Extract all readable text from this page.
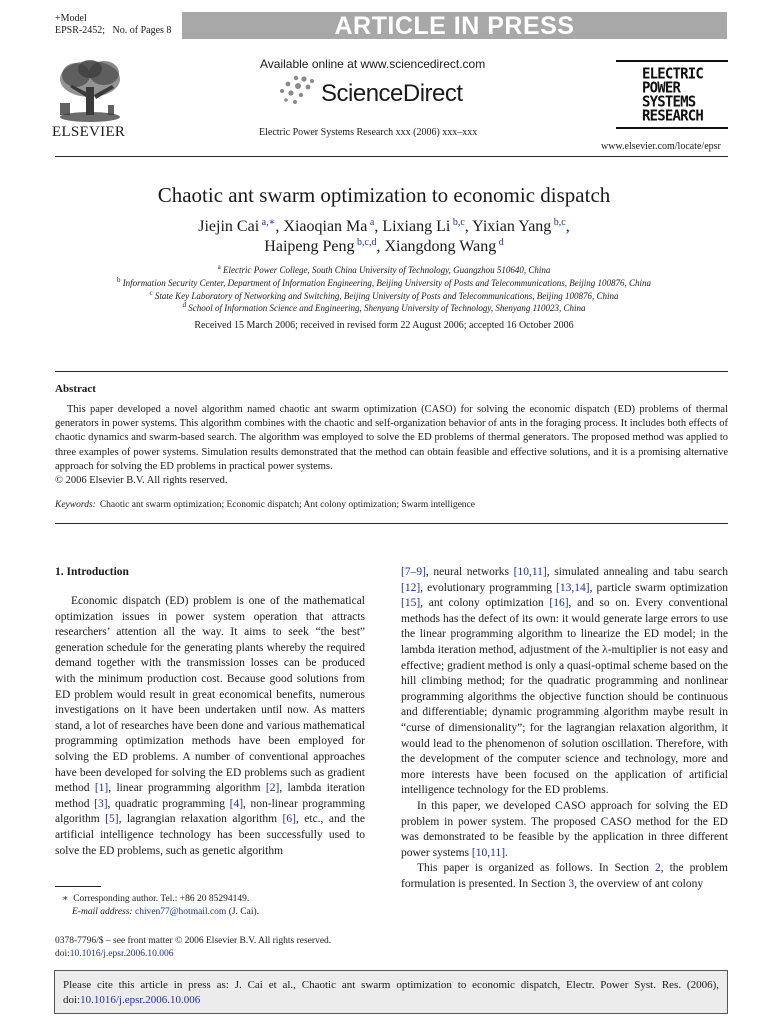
+Model
EPSR-2452; No. of Pages 8	ARTICLE IN PRESS
ELSEVIER
Available online at www.sciencedirect.com
ScienceDirect
Electric Power Systems Research xxx (2006) xxx–xxx
ELECTRIC
POWER
SYSTEMS
RESEARCH
www.elsevier.com/locate/epsr
Chaotic ant swarm optimization to economic dispatch
Jiejin Cai $^{a,∗}$, Xiaoqian Ma $^a$, Lixiang Li $^{b,c}$, Yixian Yang $^{b,c}$,
Haipeng Peng $^{b,c,d}$, Xiangdong Wang $^d$
$^a$ Electric Power College, South China University of Technology, Guangzhou 510640, China
$^b$ Information Security Center, Department of Information Engineering, Beijing University of Posts and Telecommunications, Beijing 100876, China
$^c$ State Key Laboratory of Networking and Switching, Beijing University of Posts and Telecommunications, Beijing 100876, China
$^d$ School of Information Science and Engineering, Shenyang University of Technology, Shenyang 110023, China
Received 15 March 2006; received in revised form 22 August 2006; accepted 16 October 2006
Abstract
This paper developed a novel algorithm named chaotic ant swarm optimization (CASO) for solving the economic dispatch (ED) problems of thermal generators in power systems. This algorithm combines with the chaotic and self-organization behavior of ants in the foraging process. It includes both effects of chaotic dynamics and swarm-based search. The algorithm was employed to solve the ED problems of thermal generators. The proposed method was applied to three examples of power systems. Simulation results demonstrated that the method can obtain feasible and effective solutions, and it is a promising alternative approach for solving the ED problems in practical power systems.
© 2006 Elsevier B.V. All rights reserved.
Keywords: Chaotic ant swarm optimization; Economic dispatch; Ant colony optimization; Swarm intelligence
1. Introduction
Economic dispatch (ED) problem is one of the mathematical optimization issues in power system operation that attracts researchers’ attention all the way. It aims to seek “the best” generation schedule for the generating plants whereby the required demand together with the transmission losses can be produced with the minimum production cost. Because good solutions from ED problem would result in great economical benefits, numerous investigations on it have been undertaken until now. As matters stand, a lot of researches have been done and various mathematical programming optimization methods have been employed for solving the ED problems. A number of conventional approaches have been developed for solving the ED problems such as gradient method [1], linear programming algorithm [2], lambda iteration method [3], quadratic programming [4], non-linear programming algorithm [5], lagrangian relaxation algorithm [6], etc., and the artificial intelligence technology has been successfully used to solve the ED problems, such as genetic algorithm

[7–9], neural networks [10,11], simulated annealing and tabu search [12], evolutionary programming [13,14], particle swarm optimization [15], ant colony optimization [16], and so on. Every conventional methods has the defect of its own: it would generate large errors to use the linear programming algorithm to linearize the ED model; in the lambda iteration method, adjustment of the λ-multiplier is not easy and effective; gradient method is only a quasi-optimal scheme based on the hill climbing method; for the quadratic programming and nonlinear programming algorithms the objective function should be continuous and differentiable; dynamic programming algorithm maybe result in “curse of dimensionality”; for the lagrangian relaxation algorithm, it would lead to the phenomenon of solution oscillation. Therefore, with the development of the computer science and technology, more and more interests have been focused on the application of artificial intelligence technology for the ED problems.

In this paper, we developed CASO approach for solving the ED problem in power system. The proposed CASO method for the ED was demonstrated to be feasible by the application in three different power systems [10,11].

This paper is organized as follows. In Section 2, the problem formulation is presented. In Section 3, the overview of ant colony

∗ Corresponding author. Tel.: +86 20 85294149.
E-mail address: chiven77@hotmail.com (J. Cai).
0378-7796/$ – see front matter © 2006 Elsevier B.V. All rights reserved.
doi:10.1016/j.epsr.2006.10.006
Please cite this article in press as: J. Cai et al., Chaotic ant swarm optimization to economic dispatch, Electr. Power Syst. Res. (2006), doi:10.1016/j.epsr.2006.10.006
